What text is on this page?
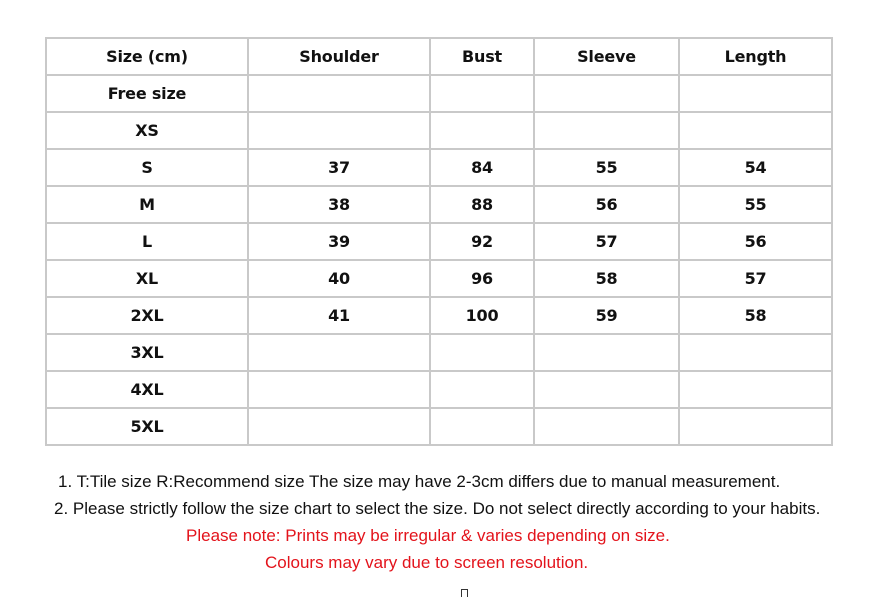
Size (cm)	Shoulder	Bust	Sleeve	Length
Free size				
XS				
S	37	84	55	54
M	38	88	56	55
L	39	92	57	56
XL	40	96	58	57
2XL	41	100	59	58
3XL				
4XL				
5XL				
1. T:Tile size R:Recommend size The size may have 2-3cm differs due to manual measurement.
2. Please strictly follow the size chart to select the size. Do not select directly according to your habits.
Please note: Prints may be irregular & varies depending on size.
Colours may vary due to screen resolution.
